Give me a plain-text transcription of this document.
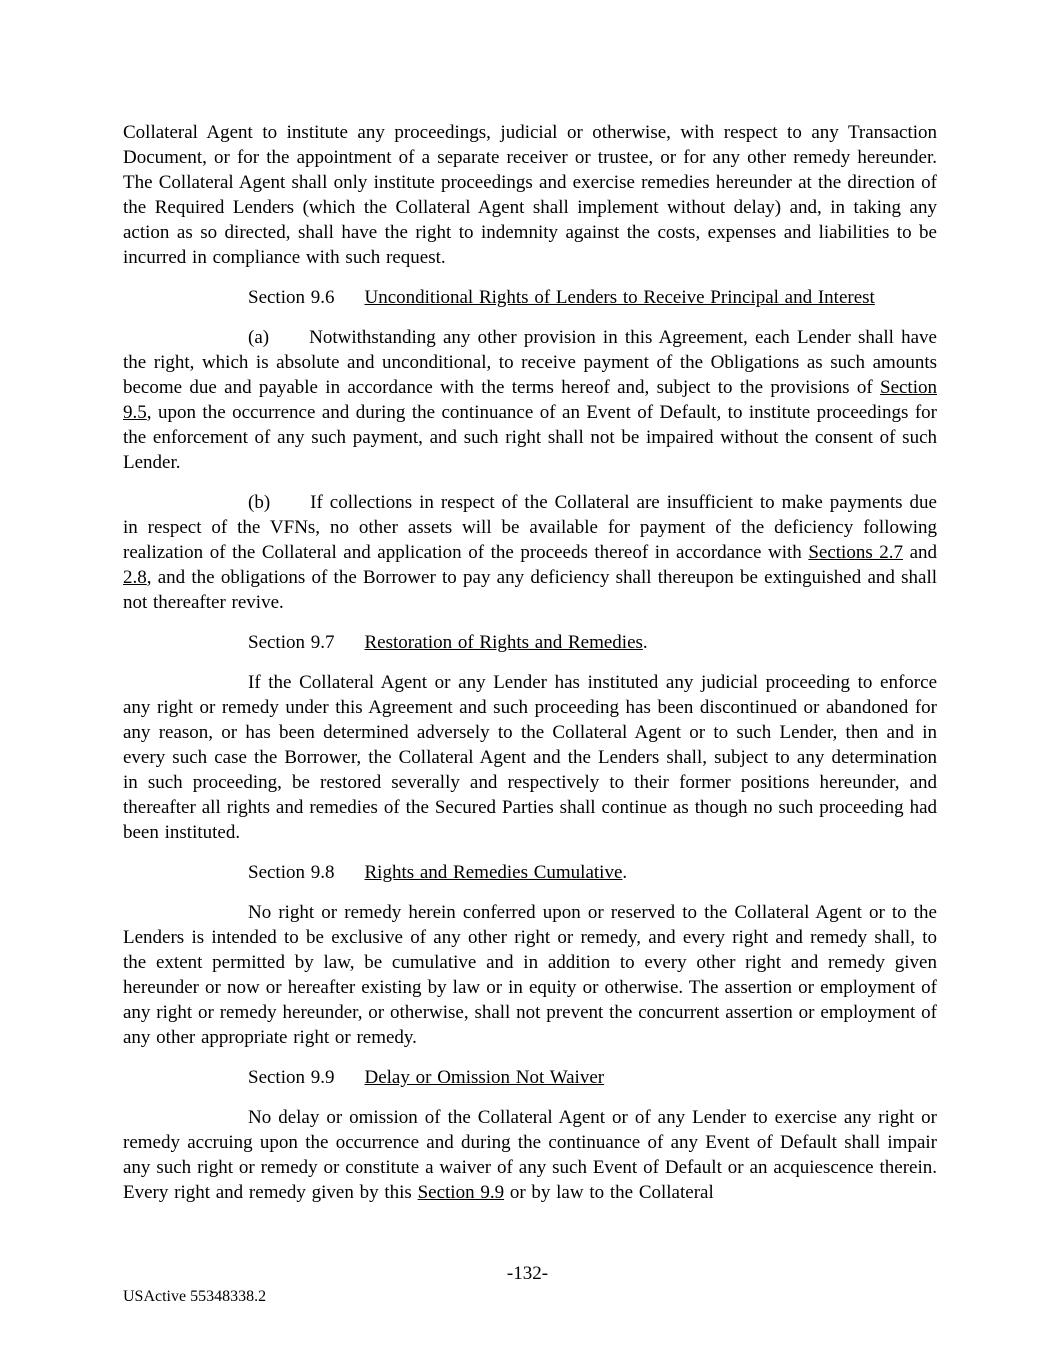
Collateral Agent to institute any proceedings, judicial or otherwise, with respect to any Transaction Document, or for the appointment of a separate receiver or trustee, or for any other remedy hereunder. The Collateral Agent shall only institute proceedings and exercise remedies hereunder at the direction of the Required Lenders (which the Collateral Agent shall implement without delay) and, in taking any action as so directed, shall have the right to indemnity against the costs, expenses and liabilities to be incurred in compliance with such request.

Section 9.6 Unconditional Rights of Lenders to Receive Principal and Interest

(a) Notwithstanding any other provision in this Agreement, each Lender shall have the right, which is absolute and unconditional, to receive payment of the Obligations as such amounts become due and payable in accordance with the terms hereof and, subject to the provisions of Section 9.5, upon the occurrence and during the continuance of an Event of Default, to institute proceedings for the enforcement of any such payment, and such right shall not be impaired without the consent of such Lender.

(b) If collections in respect of the Collateral are insufficient to make payments due in respect of the VFNs, no other assets will be available for payment of the deficiency following realization of the Collateral and application of the proceeds thereof in accordance with Sections 2.7 and 2.8, and the obligations of the Borrower to pay any deficiency shall thereupon be extinguished and shall not thereafter revive.

Section 9.7 Restoration of Rights and Remedies.

If the Collateral Agent or any Lender has instituted any judicial proceeding to enforce any right or remedy under this Agreement and such proceeding has been discontinued or abandoned for any reason, or has been determined adversely to the Collateral Agent or to such Lender, then and in every such case the Borrower, the Collateral Agent and the Lenders shall, subject to any determination in such proceeding, be restored severally and respectively to their former positions hereunder, and thereafter all rights and remedies of the Secured Parties shall continue as though no such proceeding had been instituted.

Section 9.8 Rights and Remedies Cumulative.

No right or remedy herein conferred upon or reserved to the Collateral Agent or to the Lenders is intended to be exclusive of any other right or remedy, and every right and remedy shall, to the extent permitted by law, be cumulative and in addition to every other right and remedy given hereunder or now or hereafter existing by law or in equity or otherwise. The assertion or employment of any right or remedy hereunder, or otherwise, shall not prevent the concurrent assertion or employment of any other appropriate right or remedy.

Section 9.9 Delay or Omission Not Waiver

No delay or omission of the Collateral Agent or of any Lender to exercise any right or remedy accruing upon the occurrence and during the continuance of any Event of Default shall impair any such right or remedy or constitute a waiver of any such Event of Default or an acquiescence therein. Every right and remedy given by this Section 9.9 or by law to the Collateral

-132-
USActive 55348338.2
